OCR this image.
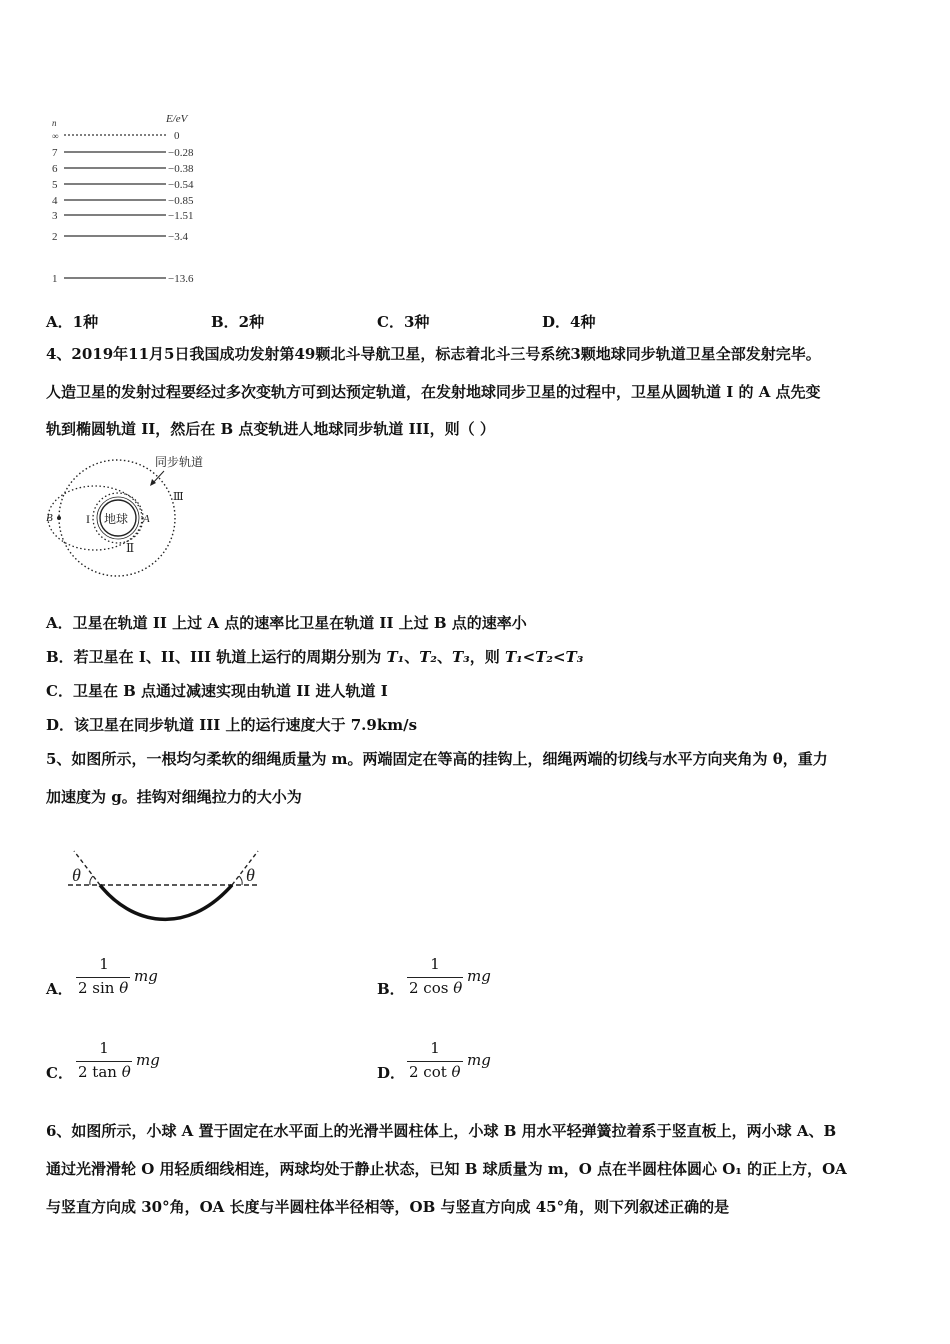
n	E/eV
∞	0
7	−0.28
6	−0.38
5	−0.54
4	−0.85
3	−1.51
2	−3.4
1	−13.6
A．1种	B．2种	C．3种	D．4种
4、2019年11月5日我国成功发射第49颗北斗导航卫星，标志着北斗三号系统3颗地球同步轨道卫星全部发射完毕。
人造卫星的发射过程要经过多次变轨方可到达预定轨道，在发射地球同步卫星的过程中，卫星从圆轨道 I 的 A 点先变
轨到椭圆轨道 II，然后在 B 点变轨进人地球同步轨道 III，则（ ）
地球
I
Ⅱ
Ⅲ
A
B
同步轨道
A．卫星在轨道 II 上过 A 点的速率比卫星在轨道 II 上过 B 点的速率小
B．若卫星在 I、II、III 轨道上运行的周期分别为 T₁、T₂、T₃，则 T₁<T₂<T₃
C．卫星在 B 点通过减速实现由轨道 II 进人轨道 I
D．该卫星在同步轨道 III 上的运行速度大于 7.9km/s
5、如图所示，一根均匀柔软的细绳质量为 m。两端固定在等高的挂钩上，细绳两端的切线与水平方向夹角为 θ，重力
加速度为 g。挂钩对细绳拉力的大小为
θ	θ
A．
1
2 sin θ
mg
B．
1
2 cos θ
mg
C．
1
2 tan θ
mg
D．
1
2 cot θ
mg
6、如图所示，小球 A 置于固定在水平面上的光滑半圆柱体上，小球 B 用水平轻弹簧拉着系于竖直板上，两小球 A、B
通过光滑滑轮 O 用轻质细线相连，两球均处于静止状态，已知 B 球质量为 m，O 点在半圆柱体圆心 O₁ 的正上方，OA
与竖直方向成 30°角，OA 长度与半圆柱体半径相等，OB 与竖直方向成 45°角，则下列叙述正确的是
